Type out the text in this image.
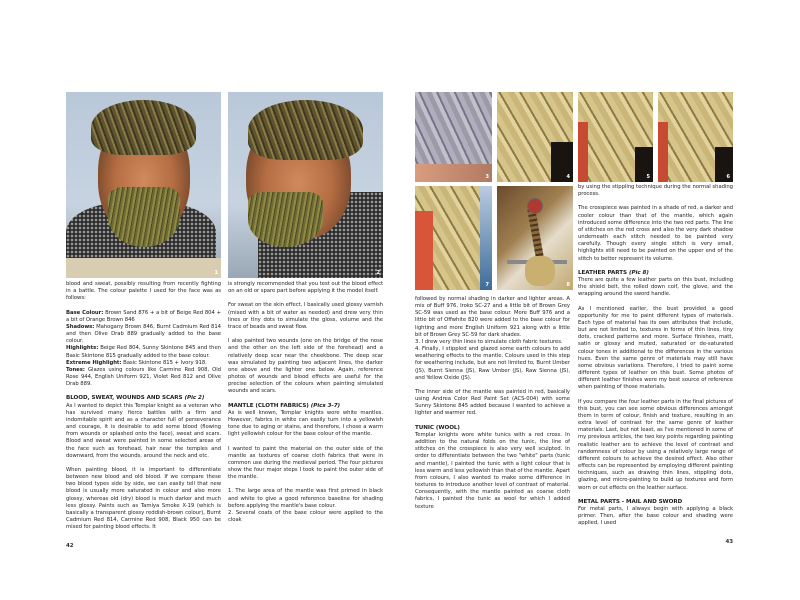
1	2
3	4	5	6
7	8

blood and sweat, possibly resulting from recently fighting in a battle. The colour palette I used for the face was as follows:

Base Colour: Brown Sand 876 + a bit of Beige Red 804 + a bit of Orange Brown 846
Shadows: Mahogany Brown 846, Burnt Cadmium Red 814 and then Olive Drab 889 gradually added to the base colour.
Highlights: Beige Red 804, Sunny Skintone 845 and then Basic Skintone 815 gradually added to the base colour.
Extreme Highlight: Basic Skintone 815 + Ivory 918.
Tones: Glazes using colours like Carmine Red 908, Old Rose 944, English Uniform 921, Violet Red 812 and Olive Drab 889.

BLOOD, SWEAT, WOUNDS AND SCARS (Pic 2)

As I wanted to depict this Templar knight as a veteran who has survived many fierce battles with a firm and indomitable spirit and as a character full of perseverance and courage, it is desirable to add some blood (flowing from wounds or splashed onto the face), sweat and scars. Blood and sweat were painted in some selected areas of the face such as forehead, hair near the temples and downward, from the wounds, around the neck and etc.

When painting blood, it is important to differentiate between new blood and old blood. If we compare these two blood types side by side, we can easily tell that new blood is usually more saturated in colour and also more glossy, whereas old (dry) blood is much darker and much less glossy. Paints such as Tamiya Smoke X-19 (which is basically a transparent glossy reddish-brown colour), Burnt Cadmium Red 814, Carmine Red 908, Black 950 can be mixed for painting blood effects. It

42

is strongly recommended that you test out the blood effect on an old or spare part before applying it the model itself.

For sweat on the skin effect, I basically used glossy varnish (mixed with a bit of water as needed) and drew very thin lines or tiny dots to simulate the gloss, volume and the trace of beads and sweat flow.

I also painted two wounds (one on the bridge of the nose and the other on the left side of the forehead) and a relatively deep scar near the cheekbone. The deep scar was simulated by painting two adjacent lines, the darker one above and the lighter one below. Again, reference photos of wounds and blood effects are useful for the precise selection of the colours when painting simulated wounds and scars.

MANTLE (CLOTH FABRICS) (Pics 3-7)

As is well known, Templar knights wore white mantles. However, fabrics in white can easily turn into a yellowish tone due to aging or stains, and therefore, I chose a warm light yellowish colour for the base colour of the mantle.

I wanted to paint the material on the outer side of the mantle as textures of coarse cloth fabrics that were in common use during the medieval period. The four pictures show the four major steps I took to paint the outer side of the mantle.

1. The large area of the mantle was first primed in black and white to give a good reference baseline for shading before applying the mantle's base colour.

2. Several coats of the base colour were applied to the cloak

followed by normal shading in darker and lighter areas. A mix of Buff 976, Iroko SC-27 and a little bit of Brown Grey SC-59 was used as the base colour. More Buff 976 and a little bit of Offwhite 820 were added to the base colour for lighting and more English Uniform 921 along with a little bit of Brown Grey SC-59 for dark shades.

3. I drew very thin lines to simulate cloth fabric textures.

4. Finally, I stippled and glazed some earth colours to add weathering effects to the mantle. Colours used in this step for weathering include, but are not limited to, Burnt Umber (JS), Burnt Sienna (JS), Raw Umber (JS), Raw Sienna (JS), and Yellow Oxide (JS).

The inner side of the mantle was painted in red, basically using Andrea Color Red Paint Set (ACS-004) with some Sunny Skintone 845 added because I wanted to achieve a lighter and warmer red.

TUNIC (WOOL)

Templar knights wore white tunics with a red cross. In addition to the natural folds on the tunic, the line of stitches on the crosspiece is also very well sculpted. In order to differentiate between the two "white" parts (tunic and mantle), I painted the tunic with a light colour that is less warm and less yellowish than that of the mantle. Apart from colours, I also wanted to make some difference in textures to introduce another level of contrast of material. Consequently, with the mantle painted as coarse cloth fabrics, I painted the tunic as wool for which I added texture

by using the stippling technique during the normal shading process.

The crosspiece was painted in a shade of red, a darker and cooler colour than that of the mantle, which again introduced some difference into the two red parts. The line of stitches on the red cross and also the very dark shadow underneath each stitch needed to be painted very carefully. Though every single stitch is very small, highlights still need to be painted on the upper end of the stitch to better represent its volume.

LEATHER PARTS (Pic 8)

There are quite a few leather parts on this bust, including the shield belt, the rolled down coif, the glove, and the wrapping around the sword handle.

As I mentioned earlier, the bust provided a good opportunity for me to paint different types of materials. Each type of material has its own attributes that include, but are not limited to, textures in forms of thin lines, tiny dots, cracked patterns and more. Surface finishes, matt, satin or glossy and muted, saturated or de-saturated colour tones in additional to the differences in the various hues. Even the same genre of materials may still have some obvious variations. Therefore, I tried to paint some different types of leather on this bust. Some photos of different leather finishes were my best source of reference when painting of those materials.

If you compare the four leather parts in the final pictures of this bust, you can see some obvious differences amongst them in term of colour, finish and texture, resulting in an extra level of contrast for the same genre of leather materials. Last, but not least, as I've mentioned in some of my previous articles, the two key points regarding painting realistic leather are to achieve the level of contrast and randomness of colour by using a relatively large range of different colours to achieve the desired effect. Also other effects can be represented by employing different painting techniques, such as drawing thin lines, stippling dots, glazing, and micro-painting to build up textures and form worn or cut effects on the leather surface.

METAL PARTS - MAIL AND SWORD

For metal parts, I always begin with applying a black primer. Then, after the base colour and shading were applied, I used

43
